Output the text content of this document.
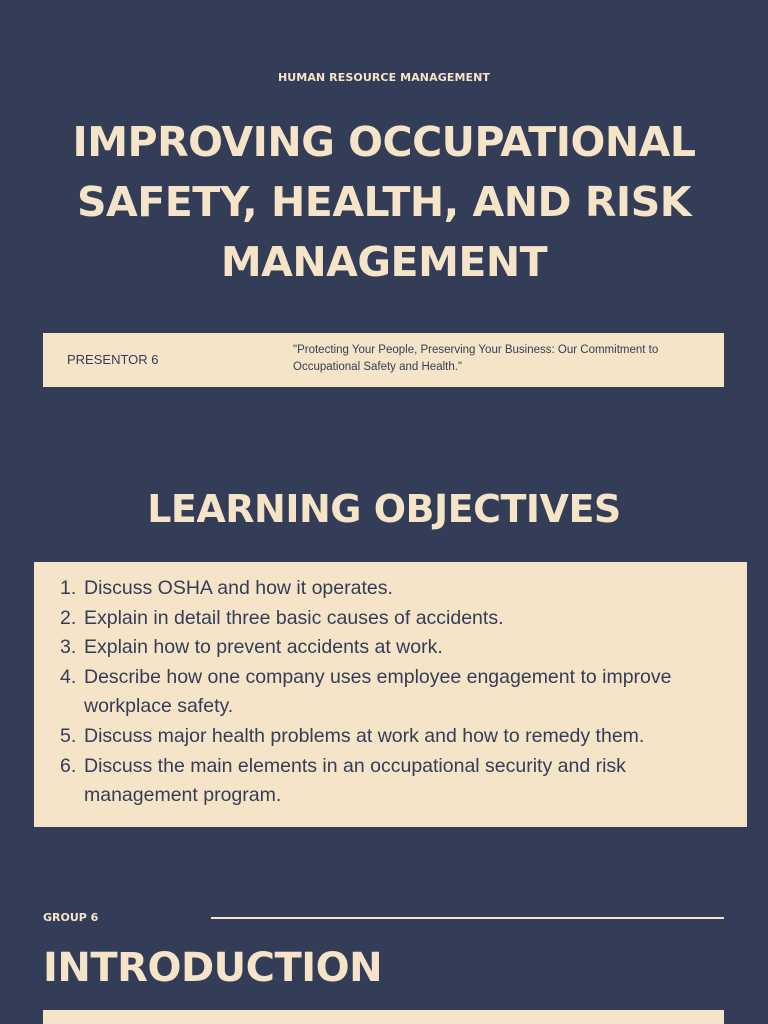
HUMAN RESOURCE MANAGEMENT
IMPROVING OCCUPATIONAL SAFETY, HEALTH, AND RISK MANAGEMENT
PRESENTOR 6
"Protecting Your People, Preserving Your Business: Our Commitment to Occupational Safety and Health."
LEARNING OBJECTIVES
1. Discuss OSHA and how it operates.
2. Explain in detail three basic causes of accidents.
3. Explain how to prevent accidents at work.
4. Describe how one company uses employee engagement to improve workplace safety.
5. Discuss major health problems at work and how to remedy them.
6. Discuss the main elements in an occupational security and risk management program.
GROUP 6
INTRODUCTION
